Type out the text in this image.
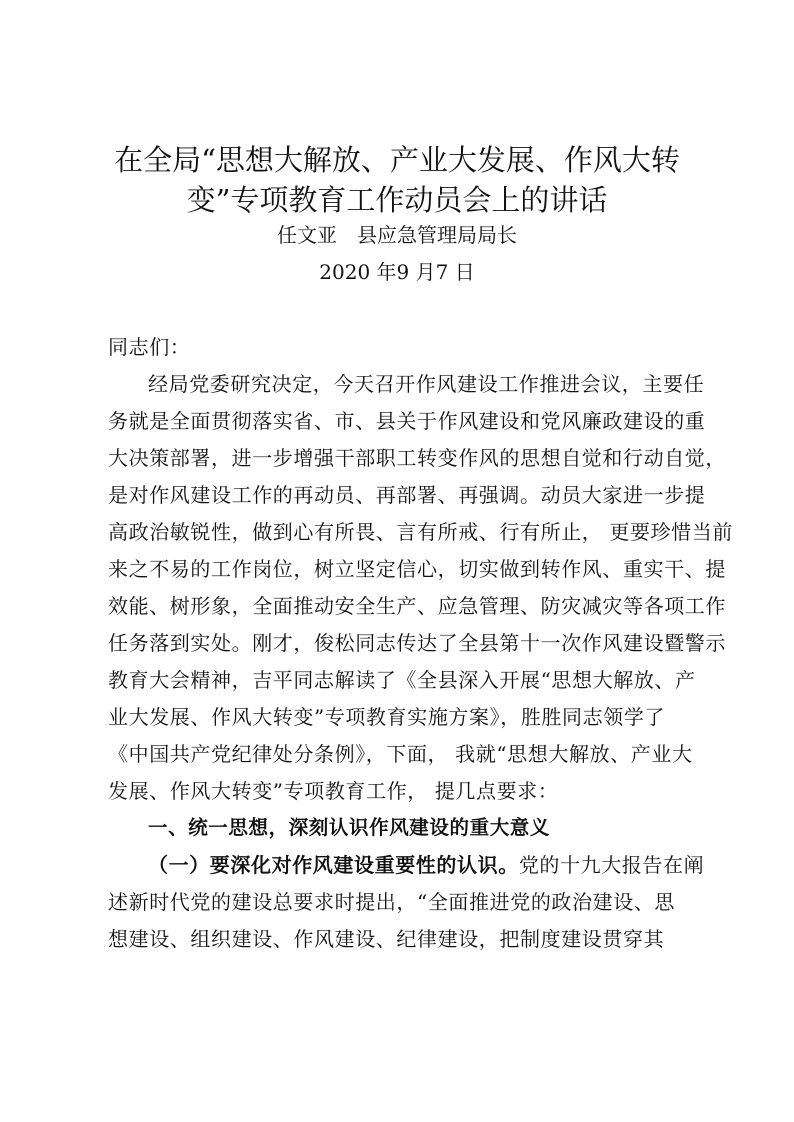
在全局“思想大解放、产业大发展、作风大转
变”专项教育工作动员会上的讲话
任文亚 县应急管理局局长
2020 年9 月7 日
同志们：
经局党委研究决定，今天召开作风建设工作推进会议，主要任
务就是全面贯彻落实省、市、县关于作风建设和党风廉政建设的重
大决策部署，进一步增强干部职工转变作风的思想自觉和行动自觉，
是对作风建设工作的再动员、再部署、再强调。动员大家进一步提
高政治敏锐性，做到心有所畏、言有所戒、行有所止， 更要珍惜当前
来之不易的工作岗位，树立坚定信心，切实做到转作风、重实干、提
效能、树形象，全面推动安全生产、应急管理、防灾减灾等各项工作
任务落到实处。刚才，俊松同志传达了全县第十一次作风建设暨警示
教育大会精神，吉平同志解读了《全县深入开展“思想大解放、产
业大发展、作风大转变”专项教育实施方案》，胜胜同志领学了
《中国共产党纪律处分条例》，下面， 我就“思想大解放、产业大
发展、作风大转变”专项教育工作， 提几点要求：
一、统一思想，深刻认识作风建设的重大意义
（一）要深化对作风建设重要性的认识。党的十九大报告在阐
述新时代党的建设总要求时提出，“全面推进党的政治建设、思
想建设、组织建设、作风建设、纪律建设，把制度建设贯穿其
